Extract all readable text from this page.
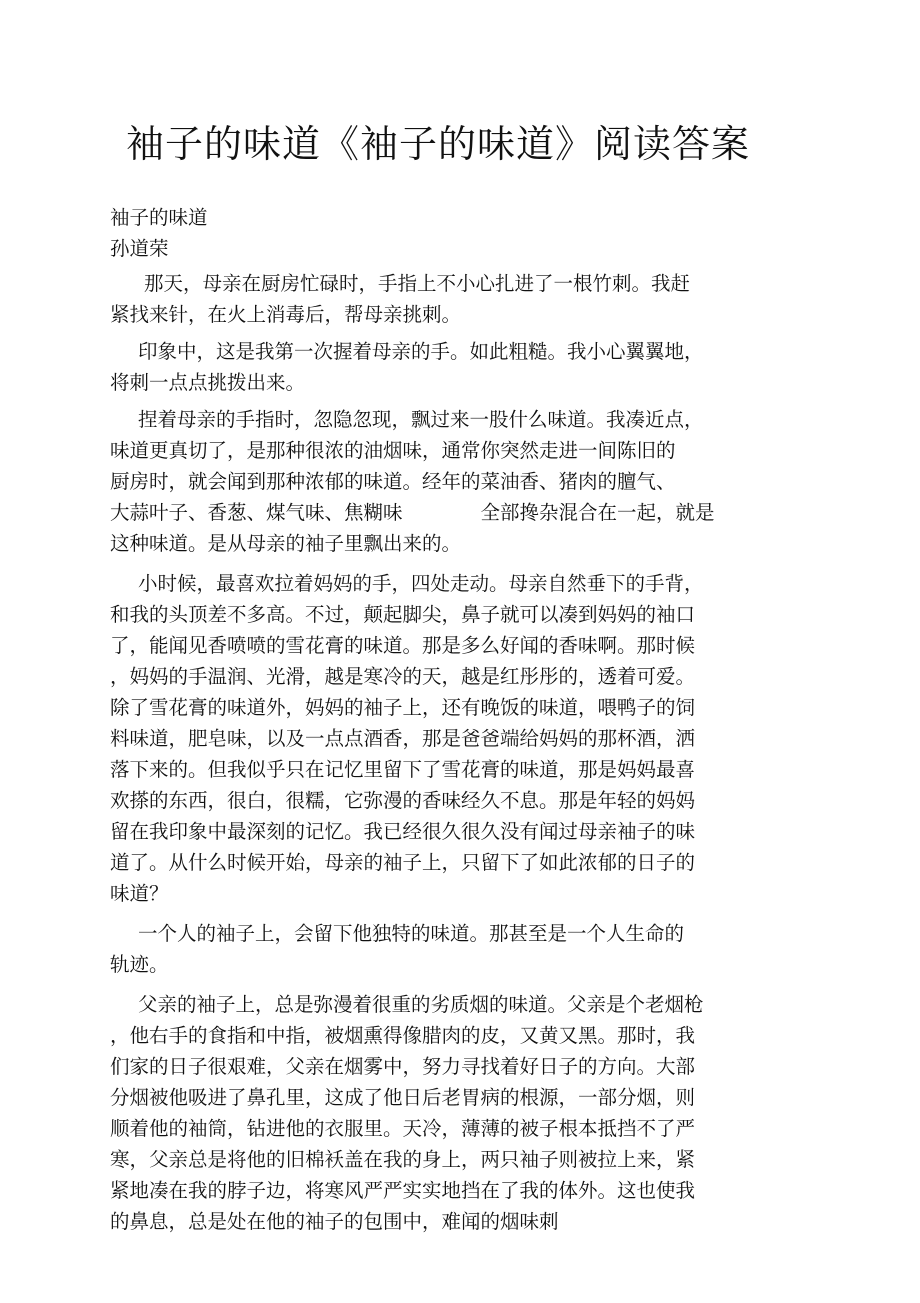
袖子的味道《袖子的味道》阅读答案
袖子的味道
孙道荣
那天，母亲在厨房忙碌时，手指上不小心扎进了一根竹刺。我赶
紧找来针，在火上消毒后，帮母亲挑刺。
印象中，这是我第一次握着母亲的手。如此粗糙。我小心翼翼地，
将刺一点点挑拨出来。
捏着母亲的手指时，忽隐忽现，飘过来一股什么味道。我凑近点，
味道更真切了，是那种很浓的油烟味，通常你突然走进一间陈旧的
厨房时，就会闻到那种浓郁的味道。经年的菜油香、猪肉的膻气、
大蒜叶子、香葱、煤气味、焦糊味	全部搀杂混合在一起，就是
这种味道。是从母亲的袖子里飘出来的。
小时候，最喜欢拉着妈妈的手，四处走动。母亲自然垂下的手背，
和我的头顶差不多高。不过，颠起脚尖，鼻子就可以凑到妈妈的袖口
了，能闻见香喷喷的雪花膏的味道。那是多么好闻的香味啊。那时候
，妈妈的手温润、光滑，越是寒冷的天，越是红彤彤的，透着可爱。
除了雪花膏的味道外，妈妈的袖子上，还有晚饭的味道，喂鸭子的饲
料味道，肥皂味，以及一点点酒香，那是爸爸端给妈妈的那杯酒，洒
落下来的。但我似乎只在记忆里留下了雪花膏的味道，那是妈妈最喜
欢搽的东西，很白，很糯，它弥漫的香味经久不息。那是年轻的妈妈
留在我印象中最深刻的记忆。我已经很久很久没有闻过母亲袖子的味
道了。从什么时候开始，母亲的袖子上，只留下了如此浓郁的日子的
味道？
一个人的袖子上，会留下他独特的味道。那甚至是一个人生命的
轨迹。
父亲的袖子上，总是弥漫着很重的劣质烟的味道。父亲是个老烟枪
，他右手的食指和中指，被烟熏得像腊肉的皮，又黄又黑。那时，我
们家的日子很艰难，父亲在烟雾中，努力寻找着好日子的方向。大部
分烟被他吸进了鼻孔里，这成了他日后老胃病的根源，一部分烟，则
顺着他的袖筒，钻进他的衣服里。天冷，薄薄的被子根本抵挡不了严
寒，父亲总是将他的旧棉袄盖在我的身上，两只袖子则被拉上来，紧
紧地凑在我的脖子边，将寒风严严实实地挡在了我的体外。这也使我
的鼻息，总是处在他的袖子的包围中，难闻的烟味刺
